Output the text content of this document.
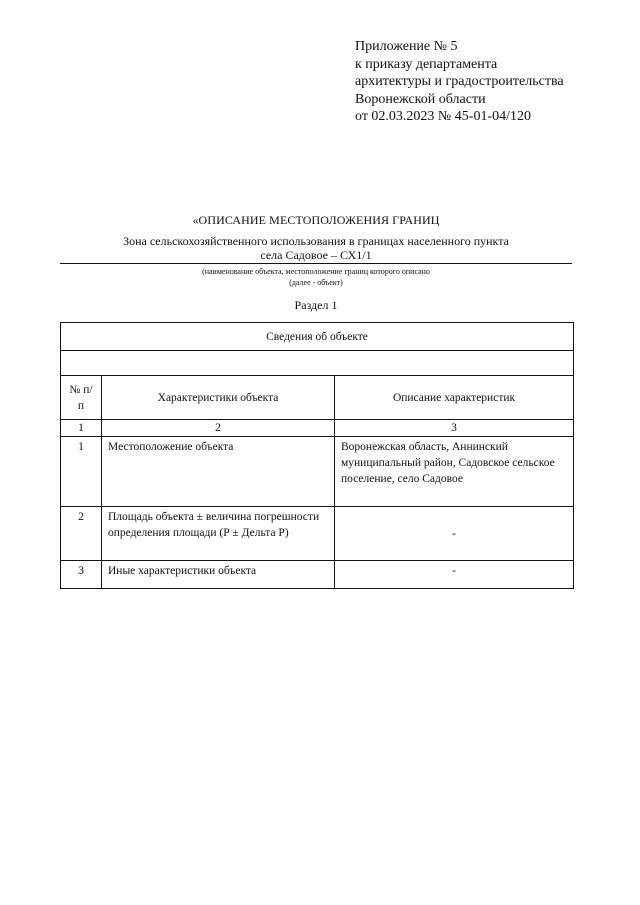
Приложение № 5
к приказу департамента
архитектуры и градостроительства
Воронежской области
от 02.03.2023 № 45-01-04/120
«ОПИСАНИЕ МЕСТОПОЛОЖЕНИЯ ГРАНИЦ
Зона сельскохозяйственного использования в границах населенного пункта
села Садовое – СХ1/1
(наименование объекта, местоположение границ которого описано
(далее - объект)
Раздел 1
Сведения об объекте		

№ п/п	Характеристики объекта	Описание характеристик
1	2	3
1	Местоположение объекта	Воронежская область, Аннинский муниципальный район, Садовское сельское поселение, село Садовое
2	Площадь объекта ± величина погрешности определения площади (Р ± Дельта Р)	-
3	Иные характеристики объекта	-
